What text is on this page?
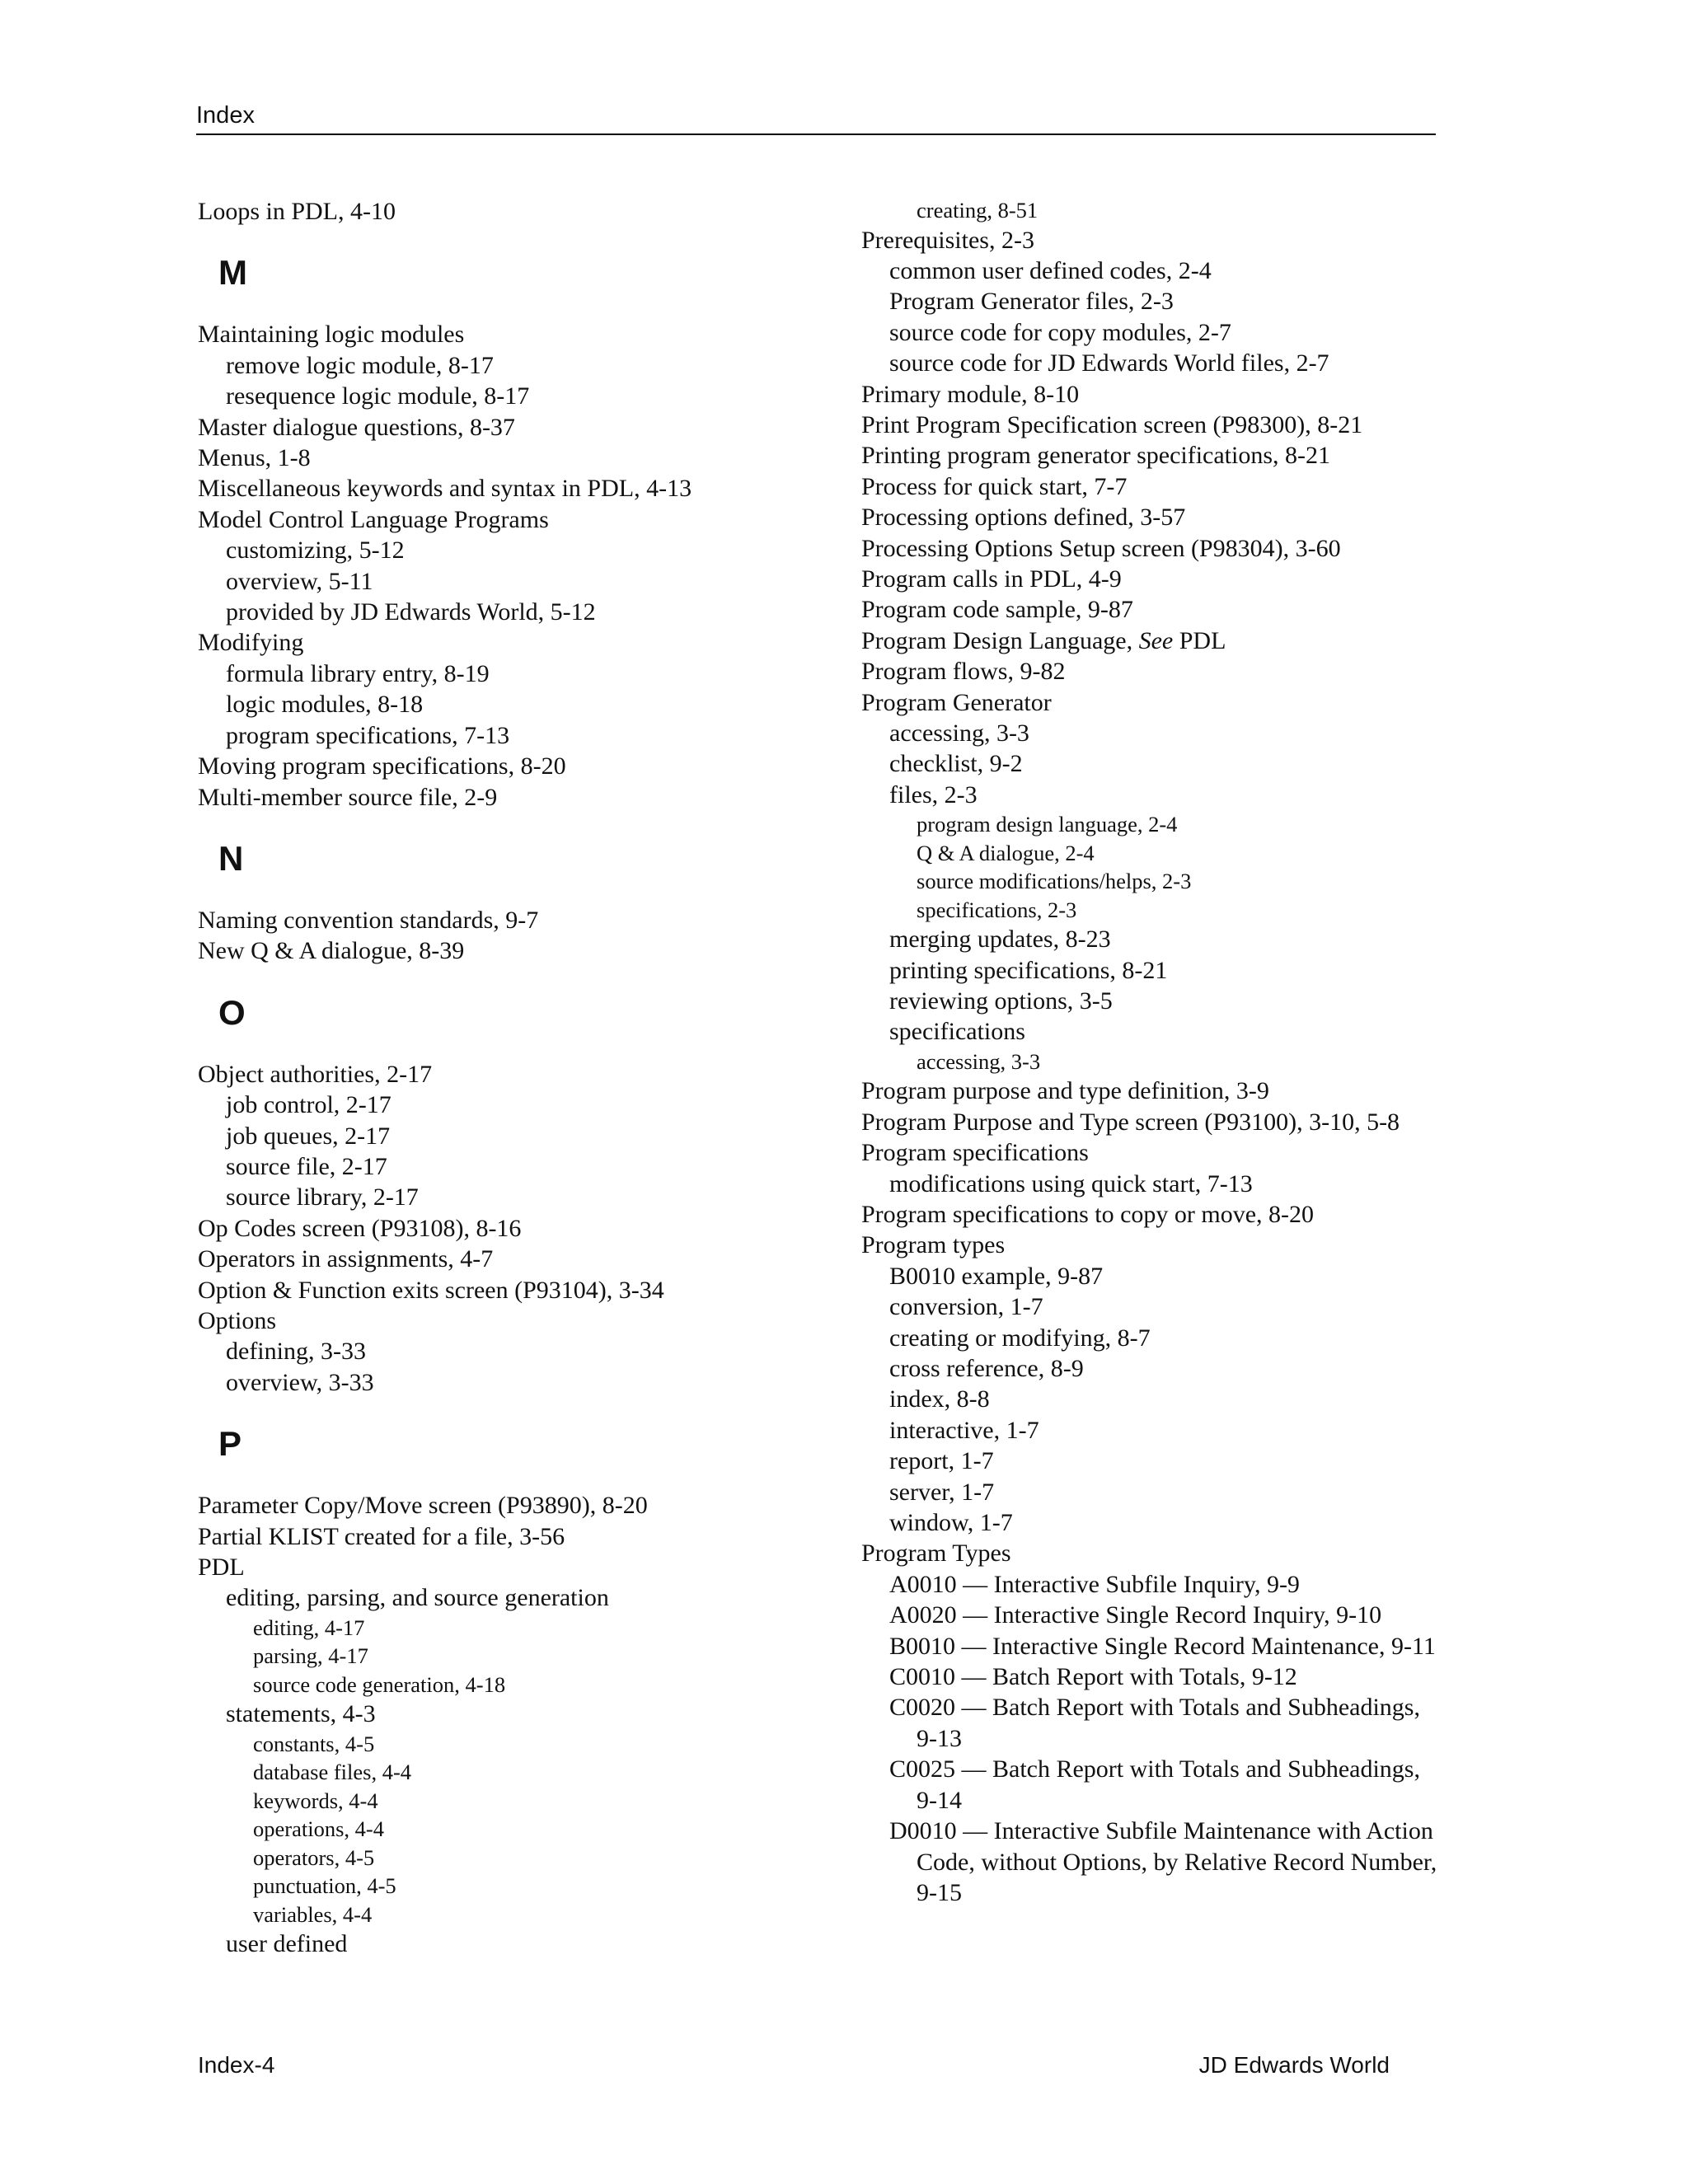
Index
Loops in PDL, 4-10
M
Maintaining logic modules
remove logic module, 8-17
resequence logic module, 8-17
Master dialogue questions, 8-37
Menus, 1-8
Miscellaneous keywords and syntax in PDL, 4-13
Model Control Language Programs
customizing, 5-12
overview, 5-11
provided by JD Edwards World, 5-12
Modifying
formula library entry, 8-19
logic modules, 8-18
program specifications, 7-13
Moving program specifications, 8-20
Multi-member source file, 2-9
N
Naming convention standards, 9-7
New Q & A dialogue, 8-39
O
Object authorities, 2-17
job control, 2-17
job queues, 2-17
source file, 2-17
source library, 2-17
Op Codes screen (P93108), 8-16
Operators in assignments, 4-7
Option & Function exits screen (P93104), 3-34
Options
defining, 3-33
overview, 3-33
P
Parameter Copy/Move screen (P93890), 8-20
Partial KLIST created for a file, 3-56
PDL
editing, parsing, and source generation
editing, 4-17
parsing, 4-17
source code generation, 4-18
statements, 4-3
constants, 4-5
database files, 4-4
keywords, 4-4
operations, 4-4
operators, 4-5
punctuation, 4-5
variables, 4-4
user defined
creating, 8-51
Prerequisites, 2-3
common user defined codes, 2-4
Program Generator files, 2-3
source code for copy modules, 2-7
source code for JD Edwards World files, 2-7
Primary module, 8-10
Print Program Specification screen (P98300), 8-21
Printing program generator specifications, 8-21
Process for quick start, 7-7
Processing options defined, 3-57
Processing Options Setup screen (P98304), 3-60
Program calls in PDL, 4-9
Program code sample, 9-87
Program Design Language, See PDL
Program flows, 9-82
Program Generator
accessing, 3-3
checklist, 9-2
files, 2-3
program design language, 2-4
Q & A dialogue, 2-4
source modifications/helps, 2-3
specifications, 2-3
merging updates, 8-23
printing specifications, 8-21
reviewing options, 3-5
specifications
accessing, 3-3
Program purpose and type definition, 3-9
Program Purpose and Type screen (P93100), 3-10, 5-8
Program specifications
modifications using quick start, 7-13
Program specifications to copy or move, 8-20
Program types
B0010 example, 9-87
conversion, 1-7
creating or modifying, 8-7
cross reference, 8-9
index, 8-8
interactive, 1-7
report, 1-7
server, 1-7
window, 1-7
Program Types
A0010 — Interactive Subfile Inquiry, 9-9
A0020 — Interactive Single Record Inquiry, 9-10
B0010 — Interactive Single Record Maintenance, 9-11
C0010 — Batch Report with Totals, 9-12
C0020 — Batch Report with Totals and Subheadings, 9-13
C0025 — Batch Report with Totals and Subheadings, 9-14
D0010 — Interactive Subfile Maintenance with Action Code, without Options, by Relative Record Number, 9-15
Index-4	JD Edwards World
